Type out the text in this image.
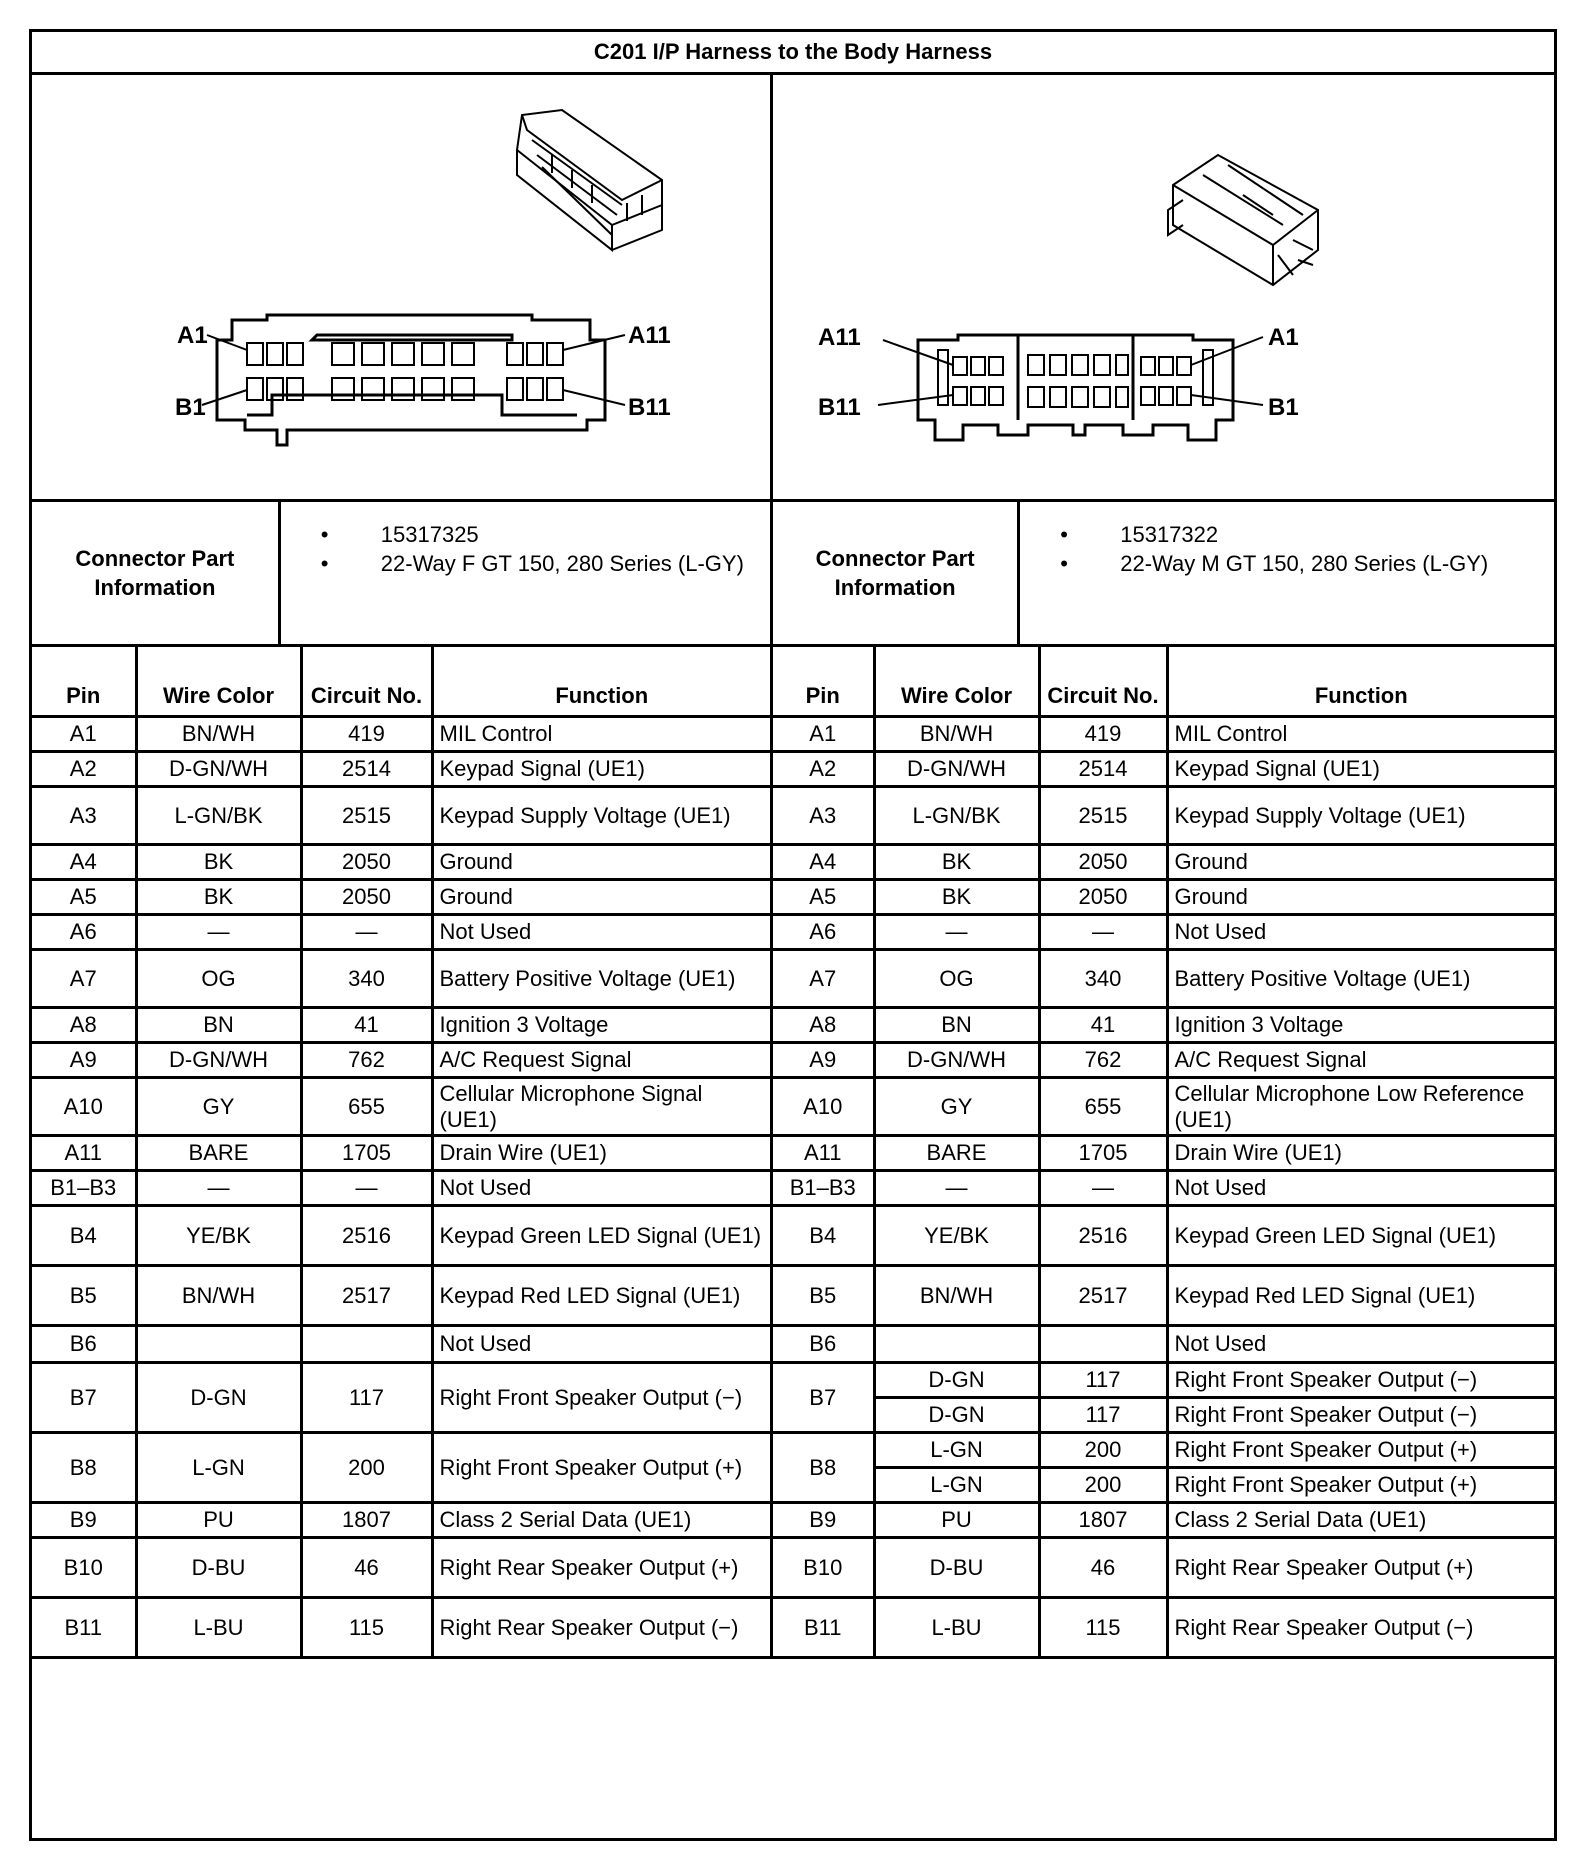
C201 I/P Harness to the Body Harness
A1
B1
A11
B11
Connector Part Information
• 15317325
• 22-Way F GT 150, 280 Series (L-GY)
Pin	Wire Color	Circuit No.	Function
A1	BN/WH	419	MIL Control
A2	D-GN/WH	2514	Keypad Signal (UE1)
A3	L-GN/BK	2515	Keypad Supply Voltage (UE1)
A4	BK	2050	Ground
A5	BK	2050	Ground
A6	—	—	Not Used
A7	OG	340	Battery Positive Voltage (UE1)
A8	BN	41	Ignition 3 Voltage
A9	D-GN/WH	762	A/C Request Signal
A10	GY	655	Cellular Microphone Signal (UE1)
A11	BARE	1705	Drain Wire (UE1)
B1–B3	—	—	Not Used
B4	YE/BK	2516	Keypad Green LED Signal (UE1)
B5	BN/WH	2517	Keypad Red LED Signal (UE1)
B6			Not Used
B7	D-GN	117	Right Front Speaker Output (−)
B8	L-GN	200	Right Front Speaker Output (+)
B9	PU	1807	Class 2 Serial Data (UE1)
B10	D-BU	46	Right Rear Speaker Output (+)
B11	L-BU	115	Right Rear Speaker Output (−)
A11
B11
A1
B1
Connector Part Information
• 15317322
• 22-Way M GT 150, 280 Series (L-GY)
Pin	Wire Color	Circuit No.	Function
A1	BN/WH	419	MIL Control
A2	D-GN/WH	2514	Keypad Signal (UE1)
A3	L-GN/BK	2515	Keypad Supply Voltage (UE1)
A4	BK	2050	Ground
A5	BK	2050	Ground
A6	—	—	Not Used
A7	OG	340	Battery Positive Voltage (UE1)
A8	BN	41	Ignition 3 Voltage
A9	D-GN/WH	762	A/C Request Signal
A10	GY	655	Cellular Microphone Low Reference (UE1)
A11	BARE	1705	Drain Wire (UE1)
B1–B3	—	—	Not Used
B4	YE/BK	2516	Keypad Green LED Signal (UE1)
B5	BN/WH	2517	Keypad Red LED Signal (UE1)
B6			Not Used
B7	D-GN	117	Right Front Speaker Output (−)
	D-GN	117	Right Front Speaker Output (−)
B8	L-GN	200	Right Front Speaker Output (+)
	L-GN	200	Right Front Speaker Output (+)
B9	PU	1807	Class 2 Serial Data (UE1)
B10	D-BU	46	Right Rear Speaker Output (+)
B11	L-BU	115	Right Rear Speaker Output (−)
